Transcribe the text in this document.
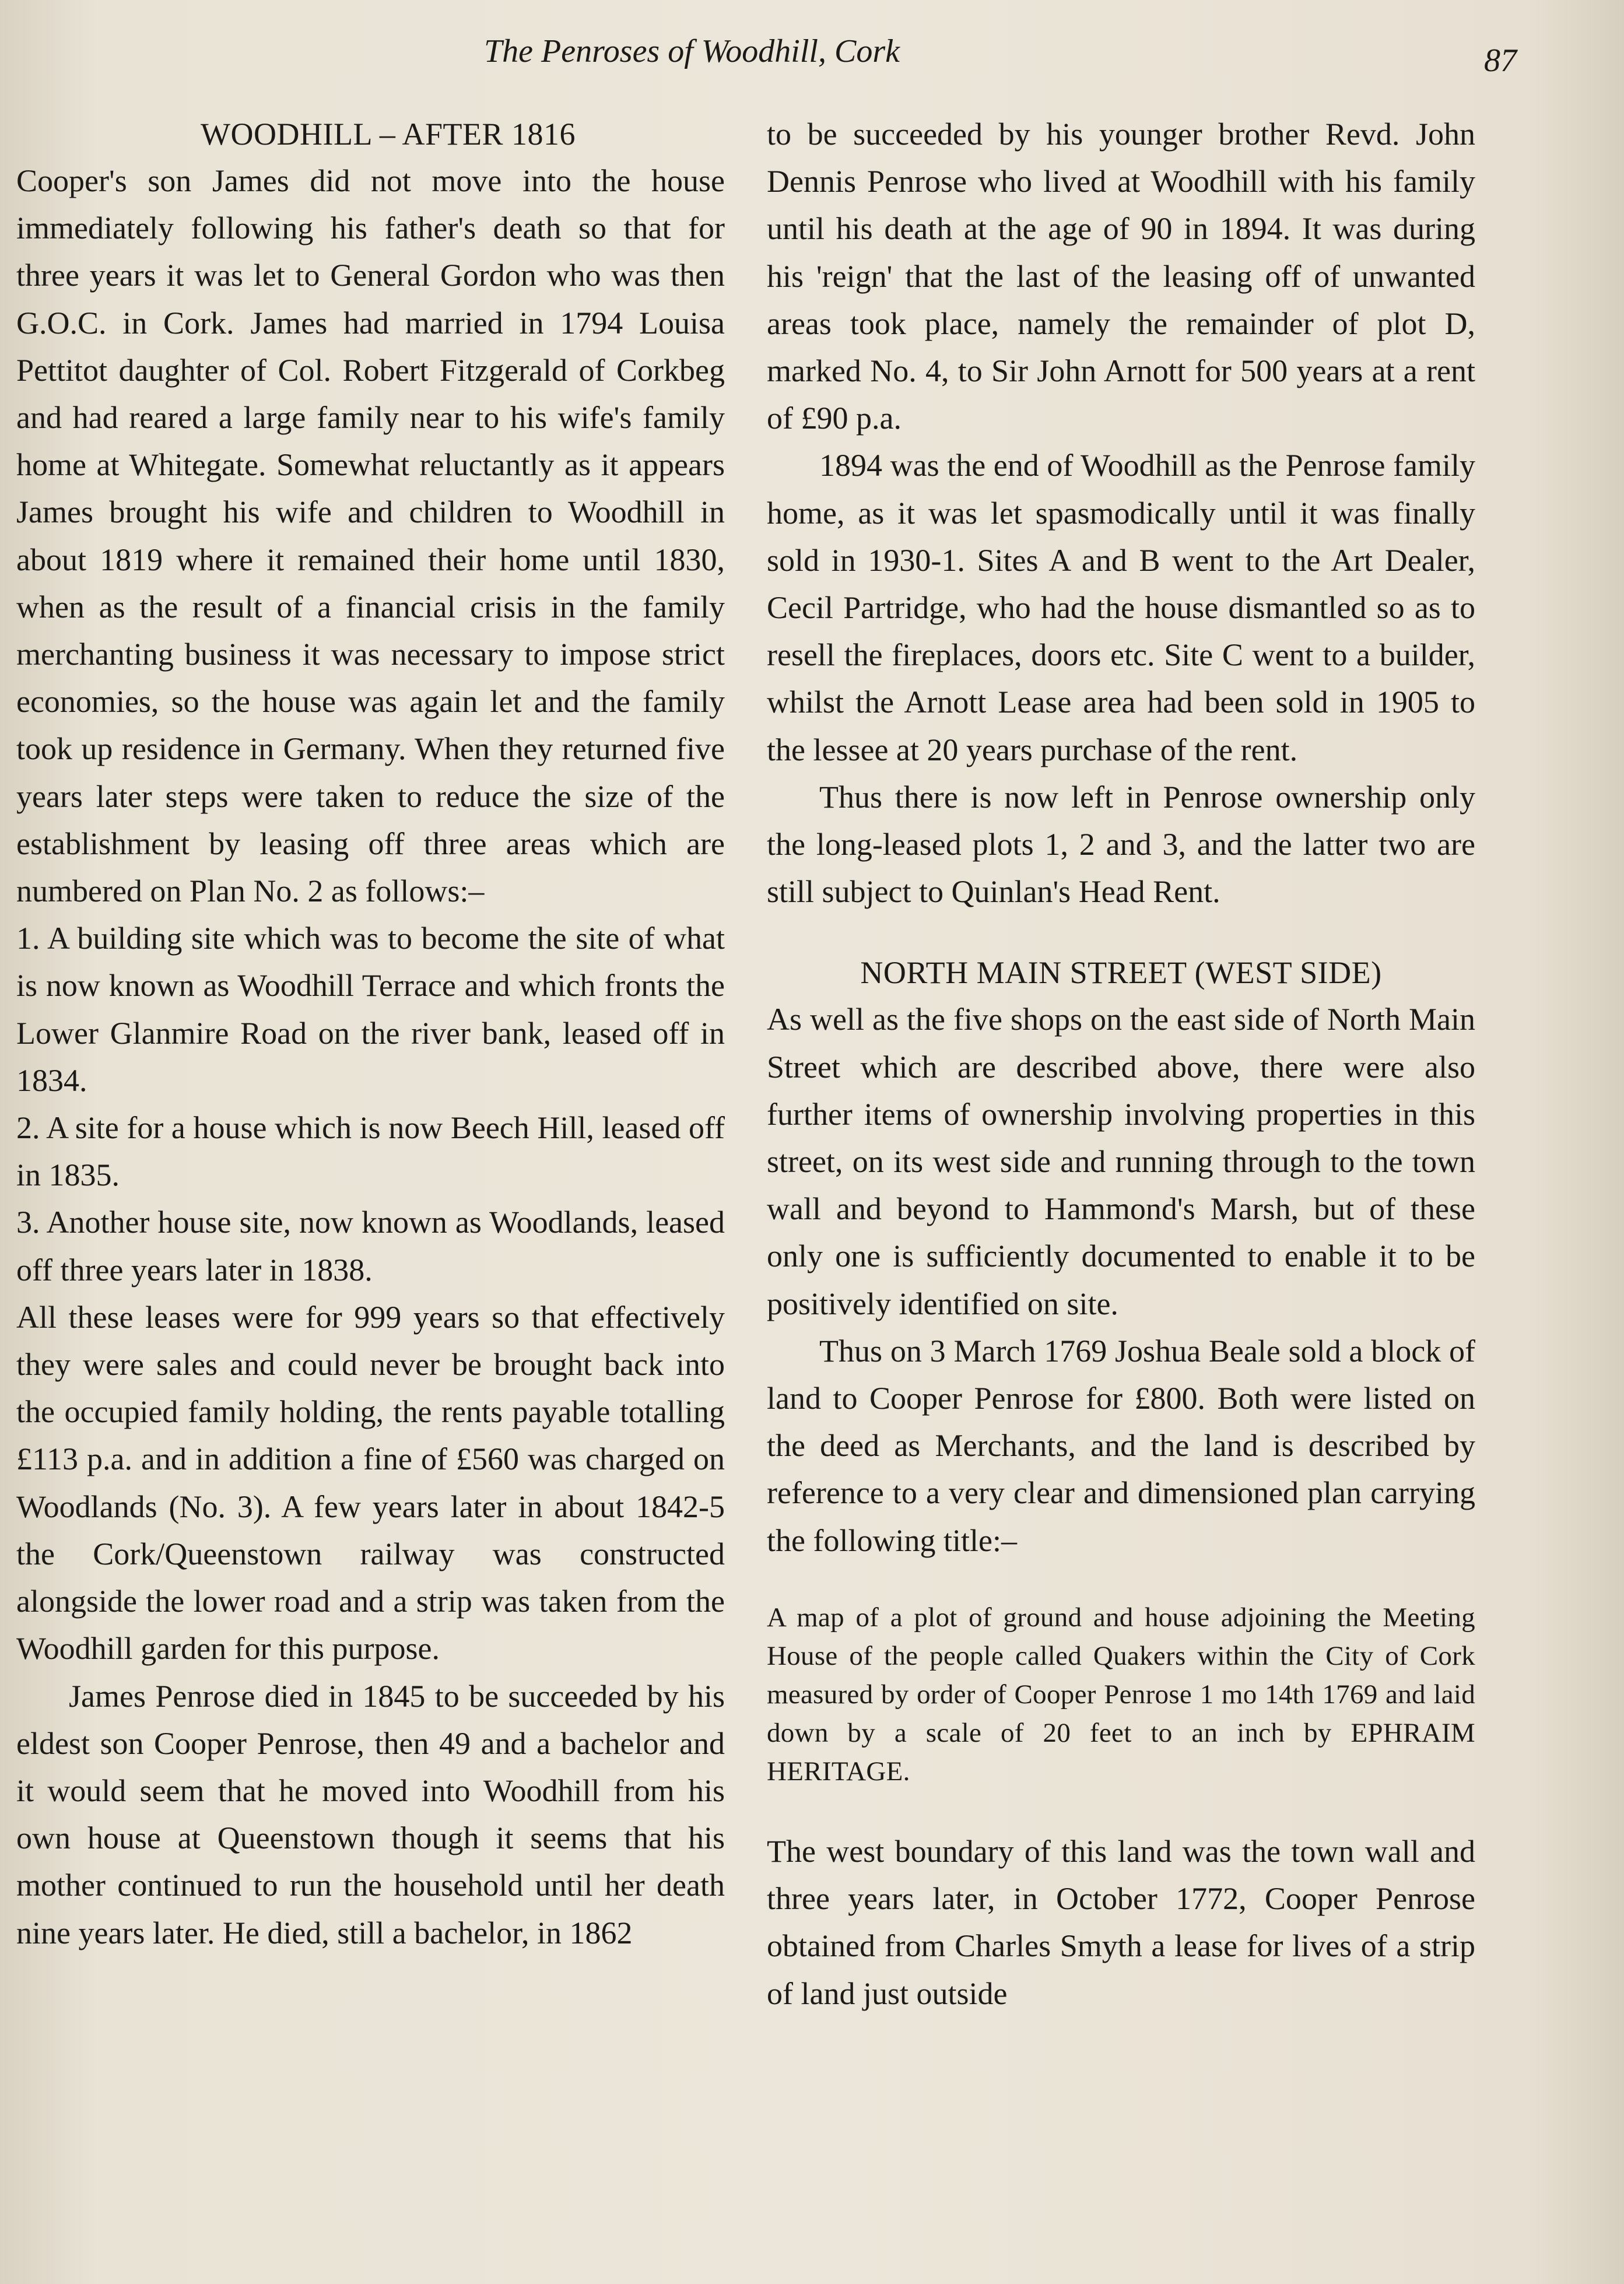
The Penroses of Woodhill, Cork	87
WOODHILL – AFTER 1816

Cooper's son James did not move into the house immediately following his father's death so that for three years it was let to General Gordon who was then G.O.C. in Cork. James had married in 1794 Louisa Pettitot daughter of Col. Robert Fitzgerald of Corkbeg and had reared a large family near to his wife's family home at Whitegate. Somewhat reluctantly as it appears James brought his wife and children to Woodhill in about 1819 where it remained their home until 1830, when as the result of a financial crisis in the family merchanting business it was necessary to impose strict economies, so the house was again let and the family took up residence in Germany. When they returned five years later steps were taken to reduce the size of the establishment by leasing off three areas which are numbered on Plan No. 2 as follows:–

1. A building site which was to become the site of what is now known as Woodhill Terrace and which fronts the Lower Glanmire Road on the river bank, leased off in 1834.

2. A site for a house which is now Beech Hill, leased off in 1835.

3. Another house site, now known as Woodlands, leased off three years later in 1838.

All these leases were for 999 years so that effectively they were sales and could never be brought back into the occupied family holding, the rents payable totalling £113 p.a. and in addition a fine of £560 was charged on Woodlands (No. 3). A few years later in about 1842-5 the Cork/Queenstown railway was constructed alongside the lower road and a strip was taken from the Woodhill garden for this purpose.

James Penrose died in 1845 to be succeeded by his eldest son Cooper Penrose, then 49 and a bachelor and it would seem that he moved into Woodhill from his own house at Queenstown though it seems that his mother continued to run the household until her death nine years later. He died, still a bachelor, in 1862

to be succeeded by his younger brother Revd. John Dennis Penrose who lived at Woodhill with his family until his death at the age of 90 in 1894. It was during his 'reign' that the last of the leasing off of unwanted areas took place, namely the remainder of plot D, marked No. 4, to Sir John Arnott for 500 years at a rent of £90 p.a.

1894 was the end of Woodhill as the Penrose family home, as it was let spasmodically until it was finally sold in 1930-1. Sites A and B went to the Art Dealer, Cecil Partridge, who had the house dismantled so as to resell the fireplaces, doors etc. Site C went to a builder, whilst the Arnott Lease area had been sold in 1905 to the lessee at 20 years purchase of the rent.

Thus there is now left in Penrose ownership only the long-leased plots 1, 2 and 3, and the latter two are still subject to Quinlan's Head Rent.

NORTH MAIN STREET (WEST SIDE)

As well as the five shops on the east side of North Main Street which are described above, there were also further items of ownership involving properties in this street, on its west side and running through to the town wall and beyond to Hammond's Marsh, but of these only one is sufficiently documented to enable it to be positively identified on site.

Thus on 3 March 1769 Joshua Beale sold a block of land to Cooper Penrose for £800. Both were listed on the deed as Merchants, and the land is described by reference to a very clear and dimensioned plan carrying the following title:–

A map of a plot of ground and house adjoining the Meeting House of the people called Quakers within the City of Cork measured by order of Cooper Penrose 1 mo 14th 1769 and laid down by a scale of 20 feet to an inch by EPHRAIM HERITAGE.

The west boundary of this land was the town wall and three years later, in October 1772, Cooper Penrose obtained from Charles Smyth a lease for lives of a strip of land just outside
